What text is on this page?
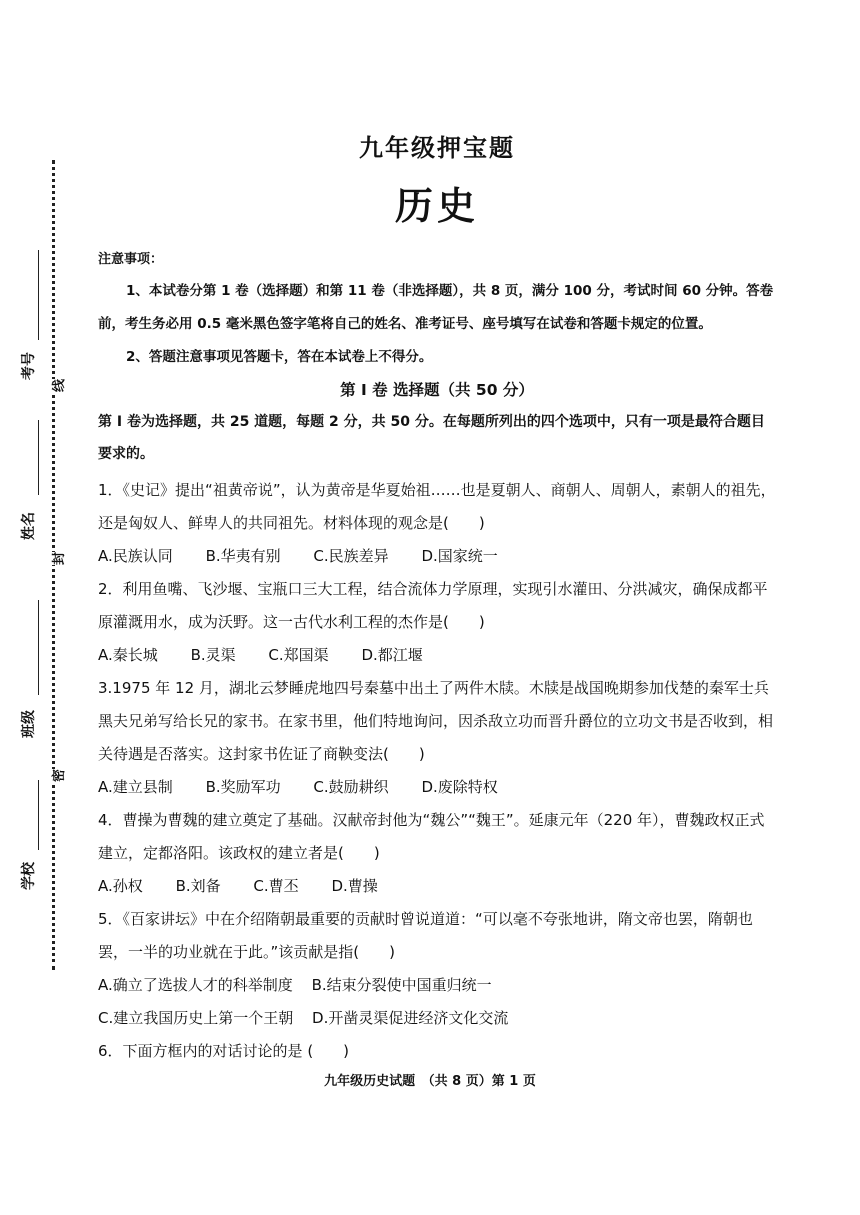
考号
姓名
班级
学校
线
封
密
九年级押宝题
历史

注意事项：

1、本试卷分第 1 卷（选择题）和第 11 卷（非选择题），共 8 页，满分 100 分，考试时间 60 分钟。答卷前，考生务必用 0.5 毫米黑色签字笔将自己的姓名、准考证号、座号填写在试卷和答题卡规定的位置。

2、答题注意事项见答题卡，答在本试卷上不得分。

第 I 卷 选择题（共 50 分）

第 I 卷为选择题，共 25 道题，每题 2 分，共 50 分。在每题所列出的四个选项中，只有一项是最符合题目要求的。

1．《史记》提出“祖黄帝说”，认为黄帝是华夏始祖……也是夏朝人、商朝人、周朝人，素朝人的祖先，还是匈奴人、鲜卑人的共同祖先。材料体现的观念是(　　)

A.民族认同 B.华夷有别 C.民族差异 D.国家统一

2．利用鱼嘴、飞沙堰、宝瓶口三大工程，结合流体力学原理，实现引水灌田、分洪减灾，确保成都平原灌溉用水，成为沃野。这一古代水利工程的杰作是(　　)

A.秦长城 B.灵渠 C.郑国渠 D.都江堰

3.1975 年 12 月，湖北云梦睡虎地四号秦墓中出土了两件木牍。木牍是战国晚期参加伐楚的秦军士兵黑夫兄弟写给长兄的家书。在家书里，他们特地询问，因杀敌立功而晋升爵位的立功文书是否收到，相关待遇是否落实。这封家书佐证了商鞅变法(　　)

A.建立县制 B.奖励军功 C.鼓励耕织 D.废除特权

4．曹操为曹魏的建立奠定了基础。汉献帝封他为“魏公”“魏王”。延康元年（220 年），曹魏政权正式建立，定都洛阳。该政权的建立者是(　　)

A.孙权 B.刘备 C.曹丕 D.曹操

5．《百家讲坛》中在介绍隋朝最重要的贡献时曾说道道：“可以毫不夸张地讲，隋文帝也罢，隋朝也罢，一半的功业就在于此。”该贡献是指(　　)

A.确立了选拔人才的科举制度 B.结束分裂使中国重归统一

C.建立我国历史上第一个王朝 D.开凿灵渠促进经济文化交流

6．下面方框内的对话讨论的是 (　　)

九年级历史试题　（共 8 页）第 1 页
